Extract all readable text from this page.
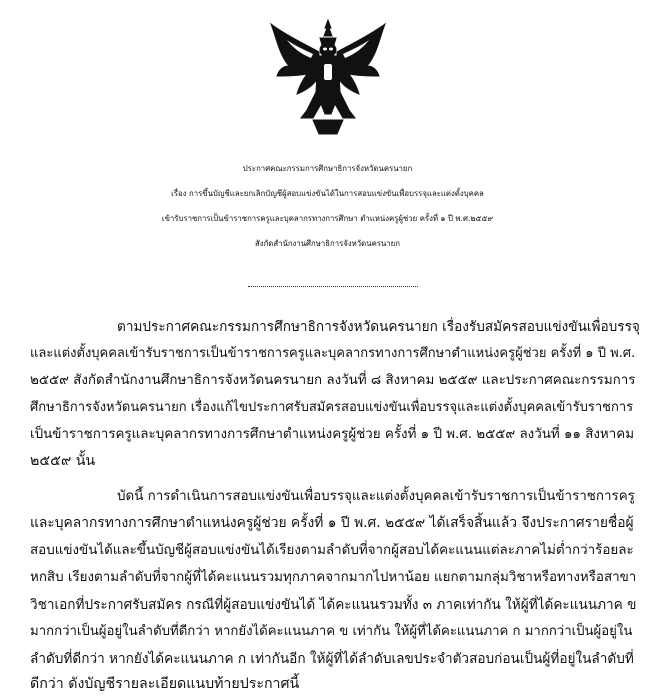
ประกาศคณะกรรมการศึกษาธิการจังหวัดนครนายก
เรื่อง การขึ้นบัญชีและยกเลิกบัญชีผู้สอบแข่งขันได้ในการสอบแข่งขันเพื่อบรรจุและแต่งตั้งบุคคล
เข้ารับราชการเป็นข้าราชการครูและบุคลากรทางการศึกษา ตำแหน่งครูผู้ช่วย ครั้งที่ ๑ ปี พ.ศ.๒๕๕๙
สังกัดสำนักงานศึกษาธิการจังหวัดนครนายก
ตามประกาศคณะกรรมการศึกษาธิการจังหวัดนครนายก เรื่องรับสมัครสอบแข่งขันเพื่อบรรจุ
และแต่งตั้งบุคคลเข้ารับราชการเป็นข้าราชการครูและบุคลากรทางการศึกษาตำแหน่งครูผู้ช่วย ครั้งที่ ๑ ปี พ.ศ.
๒๕๕๙ สังกัดสำนักงานศึกษาธิการจังหวัดนครนายก ลงวันที่ ๘ สิงหาคม ๒๕๕๙ และประกาศคณะกรรมการ
ศึกษาธิการจังหวัดนครนายก เรื่องแก้ไขประกาศรับสมัครสอบแข่งขันเพื่อบรรจุและแต่งตั้งบุคคลเข้ารับราชการ
เป็นข้าราชการครูและบุคลากรทางการศึกษาตำแหน่งครูผู้ช่วย ครั้งที่ ๑ ปี พ.ศ. ๒๕๕๙ ลงวันที่ ๑๑ สิงหาคม
๒๕๕๙ นั้น
บัดนี้ การดำเนินการสอบแข่งขันเพื่อบรรจุและแต่งตั้งบุคคลเข้ารับราชการเป็นข้าราชการครู
และบุคลากรทางการศึกษาตำแหน่งครูผู้ช่วย ครั้งที่ ๑ ปี พ.ศ. ๒๕๕๙ ได้เสร็จสิ้นแล้ว จึงประกาศรายชื่อผู้
สอบแข่งขันได้และขึ้นบัญชีผู้สอบแข่งขันได้เรียงตามลำดับที่จากผู้สอบได้คะแนนแต่ละภาคไม่ต่ำกว่าร้อยละ
หกสิบ เรียงตามลำดับที่จากผู้ที่ได้คะแนนรวมทุกภาคจากมากไปหาน้อย แยกตามกลุ่มวิชาหรือทางหรือสาขา
วิชาเอกที่ประกาศรับสมัคร กรณีที่ผู้สอบแข่งขันได้ ได้คะแนนรวมทั้ง ๓ ภาคเท่ากัน ให้ผู้ที่ได้คะแนนภาค ข
มากกว่าเป็นผู้อยู่ในลำดับที่ดีกว่า หากยังได้คะแนนภาค ข เท่ากัน ให้ผู้ที่ได้คะแนนภาค ก มากกว่าเป็นผู้อยู่ใน
ลำดับที่ดีกว่า หากยังได้คะแนนภาค ก เท่ากันอีก ให้ผู้ที่ได้ลำดับเลขประจำตัวสอบก่อนเป็นผู้ที่อยู่ในลำดับที่
ดีกว่า ดังบัญชีรายละเอียดแนบท้ายประกาศนี้
